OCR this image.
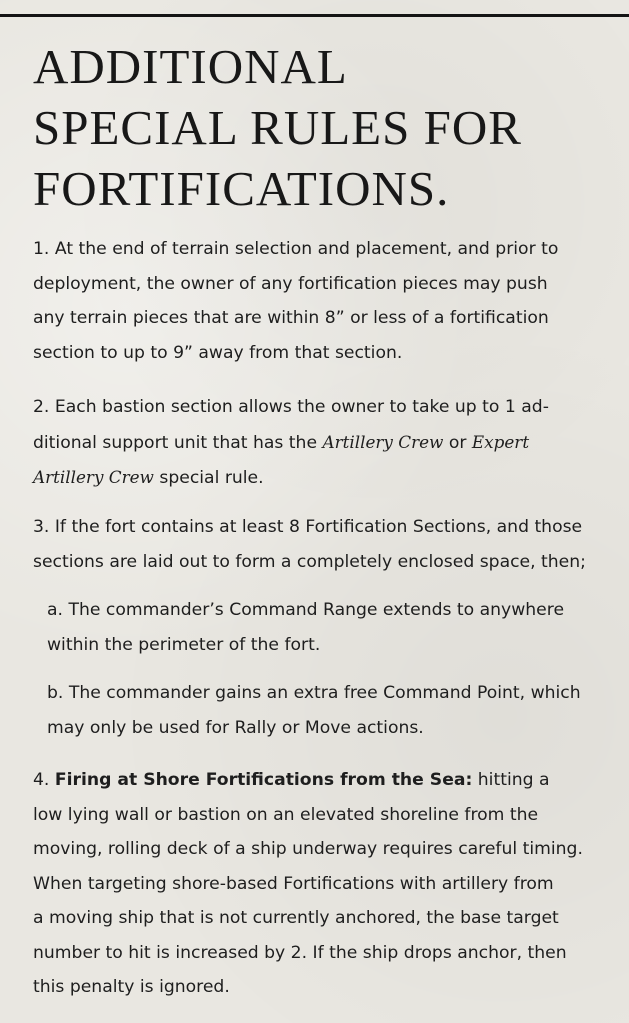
ADDITIONAL
SPECIAL RULES FOR
FORTIFICATIONS.

1. At the end of terrain selection and placement, and prior to
deployment, the owner of any fortification pieces may push
any terrain pieces that are within 8” or less of a fortification
section to up to 9” away from that section.

2. Each bastion section allows the owner to take up to 1 ad-
ditional support unit that has the Artillery Crew or Expert
Artillery Crew special rule.

3. If the fort contains at least 8 Fortification Sections, and those
sections are laid out to form a completely enclosed space, then;

a. The commander’s Command Range extends to anywhere
within the perimeter of the fort.

b. The commander gains an extra free Command Point, which
may only be used for Rally or Move actions.

4. Firing at Shore Fortifications from the Sea: hitting a
low lying wall or bastion on an elevated shoreline from the
moving, rolling deck of a ship underway requires careful timing.
When targeting shore-based Fortifications with artillery from
a moving ship that is not currently anchored, the base target
number to hit is increased by 2. If the ship drops anchor, then
this penalty is ignored.
